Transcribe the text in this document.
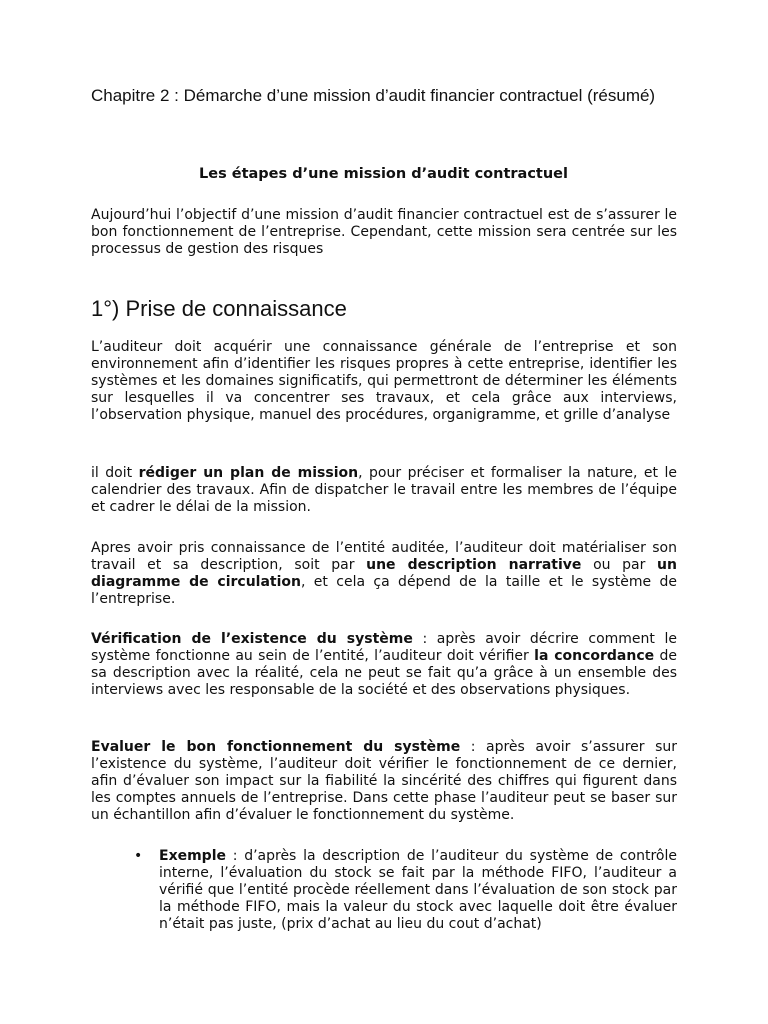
Chapitre 2 : Démarche d’une mission d’audit financier contractuel (résumé)
Les étapes d’une mission d’audit contractuel
Aujourd’hui l’objectif d’une mission d’audit financier contractuel est de s’assurer le bon fonctionnement de l’entreprise. Cependant, cette mission sera centrée sur les processus de gestion des risques
1°) Prise de connaissance
L’auditeur doit acquérir une connaissance générale de l’entreprise et son environnement afin d’identifier les risques propres à cette entreprise, identifier les systèmes et les domaines significatifs, qui permettront de déterminer les éléments sur lesquelles il va concentrer ses travaux, et cela grâce aux interviews, l’observation physique, manuel des procédures, organigramme, et grille d’analyse
il doit rédiger un plan de mission, pour préciser et formaliser la nature, et le calendrier des travaux. Afin de dispatcher le travail entre les membres de l’équipe et cadrer le délai de la mission.
Apres avoir pris connaissance de l’entité auditée, l’auditeur doit matérialiser son travail et sa description, soit par une description narrative ou par un diagramme de circulation, et cela ça dépend de la taille et le système de l’entreprise.
Vérification de l’existence du système : après avoir décrire comment le système fonctionne au sein de l’entité, l’auditeur doit vérifier la concordance de sa description avec la réalité, cela ne peut se fait qu’a grâce à un ensemble des interviews avec les responsable de la société et des observations physiques.
Evaluer le bon fonctionnement du système : après avoir s’assurer sur l’existence du système, l’auditeur doit vérifier le fonctionnement de ce dernier, afin d’évaluer son impact sur la fiabilité la sincérité des chiffres qui figurent dans les comptes annuels de l’entreprise. Dans cette phase l’auditeur peut se baser sur un échantillon afin d’évaluer le fonctionnement du système.
• Exemple : d’après la description de l’auditeur du système de contrôle interne, l’évaluation du stock se fait par la méthode FIFO, l’auditeur a vérifié que l’entité procède réellement dans l’évaluation de son stock par la méthode FIFO, mais la valeur du stock avec laquelle doit être évaluer n’était pas juste, (prix d’achat au lieu du cout d’achat)
